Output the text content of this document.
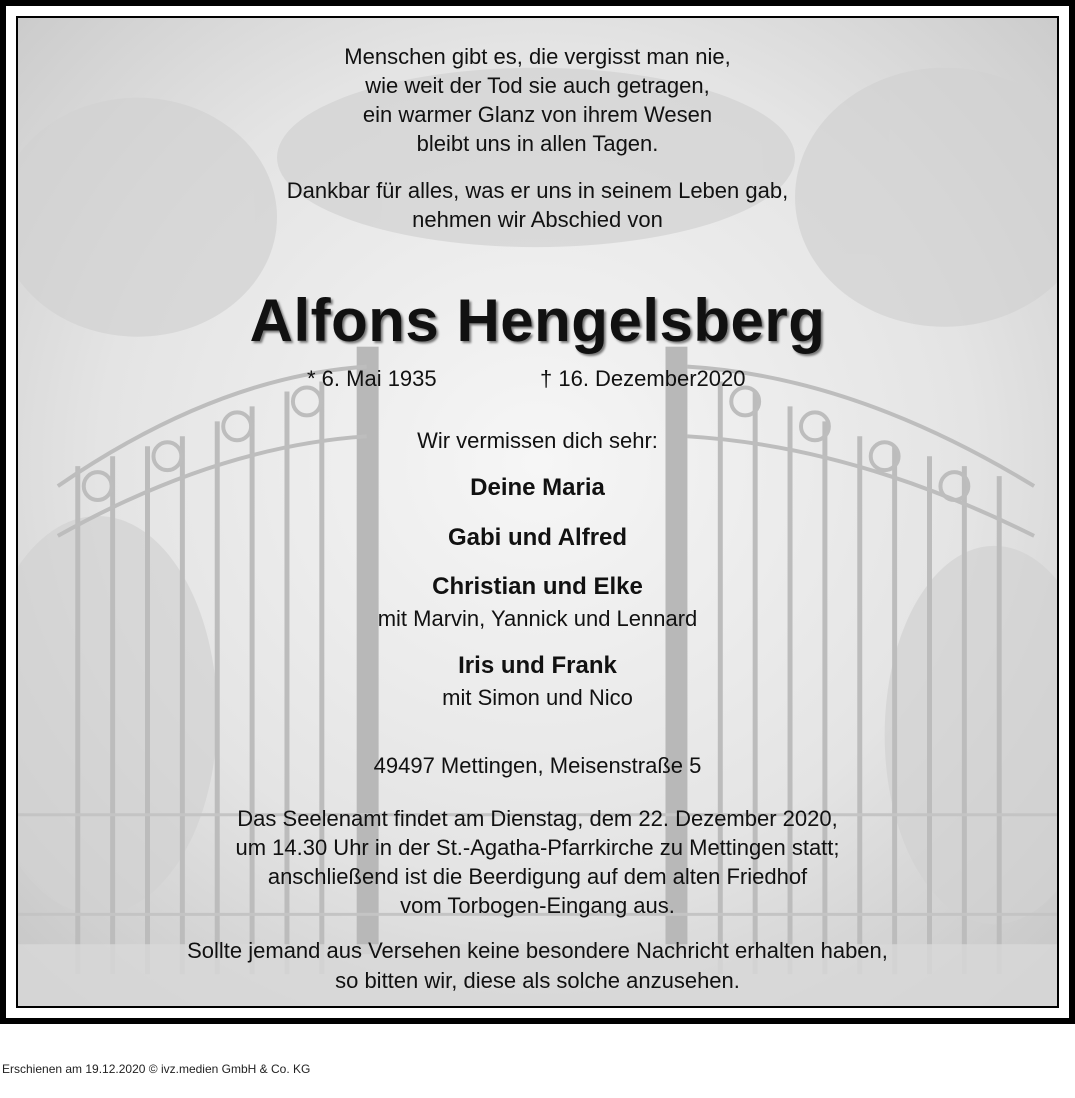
Menschen gibt es, die vergisst man nie,
wie weit der Tod sie auch getragen,
ein warmer Glanz von ihrem Wesen
bleibt uns in allen Tagen.
Dankbar für alles, was er uns in seinem Leben gab,
nehmen wir Abschied von
Alfons Hengelsberg
* 6. Mai 1935	† 16. Dezember2020
Wir vermissen dich sehr:
Deine Maria
Gabi und Alfred
Christian und Elke
mit Marvin, Yannick und Lennard
Iris und Frank
mit Simon und Nico
49497 Mettingen, Meisenstraße 5
Das Seelenamt findet am Dienstag, dem 22. Dezember 2020,
um 14.30 Uhr in der St.-Agatha-Pfarrkirche zu Mettingen statt;
anschließend ist die Beerdigung auf dem alten Friedhof
vom Torbogen-Eingang aus.
Sollte jemand aus Versehen keine besondere Nachricht erhalten haben,
so bitten wir, diese als solche anzusehen.
Erschienen am 19.12.2020 © ivz.medien GmbH & Co. KG
